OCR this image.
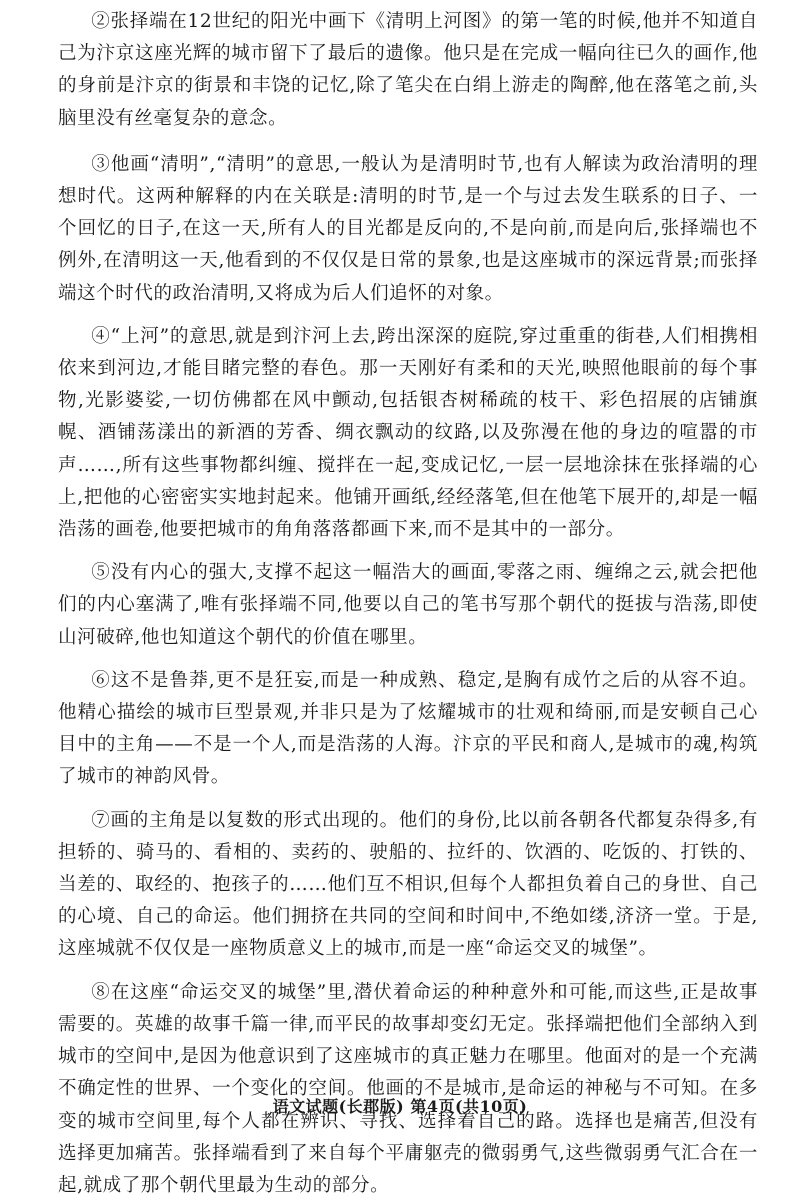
②张择端在12世纪的阳光中画下《清明上河图》的第一笔的时候,他并不知道自己为汴京这座光辉的城市留下了最后的遗像。他只是在完成一幅向往已久的画作,他的身前是汴京的街景和丰饶的记忆,除了笔尖在白绢上游走的陶醉,他在落笔之前,头脑里没有丝毫复杂的意念。

③他画“清明”,“清明”的意思,一般认为是清明时节,也有人解读为政治清明的理想时代。这两种解释的内在关联是:清明的时节,是一个与过去发生联系的日子、一个回忆的日子,在这一天,所有人的目光都是反向的,不是向前,而是向后,张择端也不例外,在清明这一天,他看到的不仅仅是日常的景象,也是这座城市的深远背景;而张择端这个时代的政治清明,又将成为后人们追怀的对象。

④“上河”的意思,就是到汴河上去,跨出深深的庭院,穿过重重的街巷,人们相携相依来到河边,才能目睹完整的春色。那一天刚好有柔和的天光,映照他眼前的每个事物,光影婆娑,一切仿佛都在风中颤动,包括银杏树稀疏的枝干、彩色招展的店铺旗幌、酒铺荡漾出的新酒的芳香、绸衣飘动的纹路,以及弥漫在他的身边的喧嚣的市声……,所有这些事物都纠缠、搅拌在一起,变成记忆,一层一层地涂抹在张择端的心上,把他的心密密实实地封起来。他铺开画纸,经经落笔,但在他笔下展开的,却是一幅浩荡的画卷,他要把城市的角角落落都画下来,而不是其中的一部分。

⑤没有内心的强大,支撑不起这一幅浩大的画面,零落之雨、缠绵之云,就会把他们的内心塞满了,唯有张择端不同,他要以自己的笔书写那个朝代的挺拔与浩荡,即使山河破碎,他也知道这个朝代的价值在哪里。

⑥这不是鲁莽,更不是狂妄,而是一种成熟、稳定,是胸有成竹之后的从容不迫。他精心描绘的城市巨型景观,并非只是为了炫耀城市的壮观和绮丽,而是安顿自己心目中的主角——不是一个人,而是浩荡的人海。汴京的平民和商人,是城市的魂,构筑了城市的神韵风骨。

⑦画的主角是以复数的形式出现的。他们的身份,比以前各朝各代都复杂得多,有担轿的、骑马的、看相的、卖药的、驶船的、拉纤的、饮酒的、吃饭的、打铁的、当差的、取经的、抱孩子的……他们互不相识,但每个人都担负着自己的身世、自己的心境、自己的命运。他们拥挤在共同的空间和时间中,不绝如缕,济济一堂。于是,这座城就不仅仅是一座物质意义上的城市,而是一座“命运交叉的城堡”。

⑧在这座“命运交叉的城堡”里,潜伏着命运的种种意外和可能,而这些,正是故事需要的。英雄的故事千篇一律,而平民的故事却变幻无定。张择端把他们全部纳入到城市的空间中,是因为他意识到了这座城市的真正魅力在哪里。他面对的是一个充满不确定性的世界、一个变化的空间。他画的不是城市,是命运的神秘与不可知。在多变的城市空间里,每个人都在辨识、寻找、选择着自己的路。选择也是痛苦,但没有选择更加痛苦。张择端看到了来自每个平庸躯壳的微弱勇气,这些微弱勇气汇合在一起,就成了那个朝代里最为生动的部分。

语文试题(长郡版) 第4页(共10页)
